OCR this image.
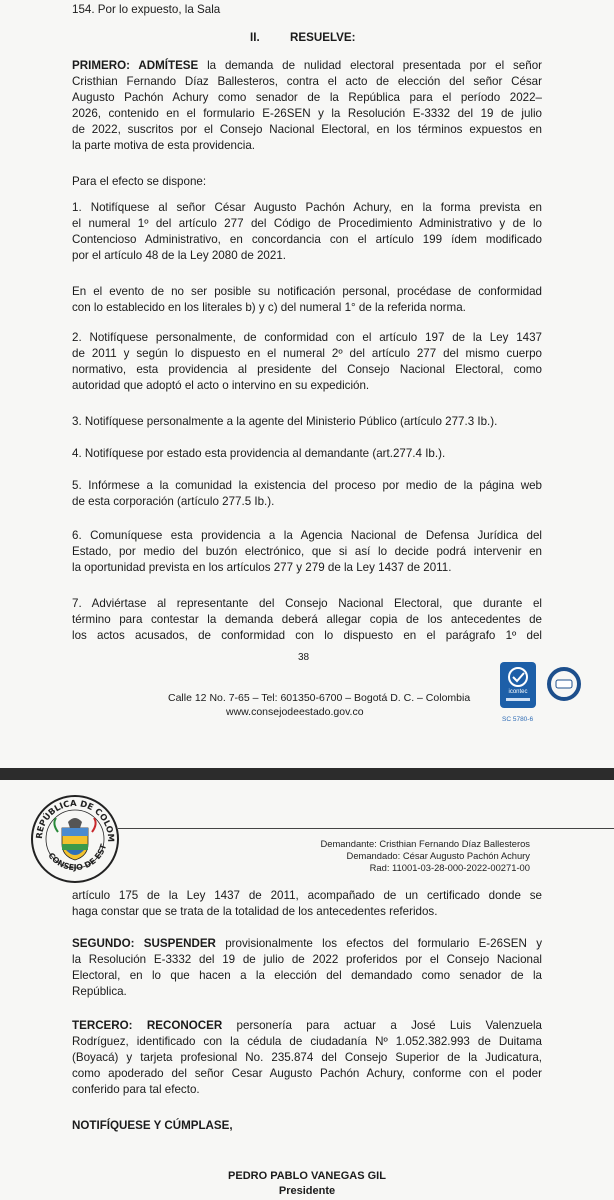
154. Por lo expuesto, la Sala
II.	RESUELVE:
PRIMERO: ADMÍTESE la demanda de nulidad electoral presentada por el señor
Cristhian Fernando Díaz Ballesteros, contra el acto de elección del señor César
Augusto Pachón Achury como senador de la República para el período 2022–
2026, contenido en el formulario E-26SEN y la Resolución E-3332 del 19 de julio
de 2022, suscritos por el Consejo Nacional Electoral, en los términos expuestos en
la parte motiva de esta providencia.
Para el efecto se dispone:
1. Notifíquese al señor César Augusto Pachón Achury, en la forma prevista en
el numeral 1º del artículo 277 del Código de Procedimiento Administrativo y de lo
Contencioso Administrativo, en concordancia con el artículo 199 ídem modificado
por el artículo 48 de la Ley 2080 de 2021.
En el evento de no ser posible su notificación personal, procédase de conformidad
con lo establecido en los literales b) y c) del numeral 1° de la referida norma.
2. Notifíquese personalmente, de conformidad con el artículo 197 de la Ley 1437
de 2011 y según lo dispuesto en el numeral 2º del artículo 277 del mismo cuerpo
normativo, esta providencia al presidente del Consejo Nacional Electoral, como
autoridad que adoptó el acto o intervino en su expedición.
3. Notifíquese personalmente a la agente del Ministerio Público (artículo 277.3 Ib.).
4. Notifíquese por estado esta providencia al demandante (art.277.4 Ib.).
5. Infórmese a la comunidad la existencia del proceso por medio de la página web
de esta corporación (artículo 277.5 Ib.).
6. Comuníquese esta providencia a la Agencia Nacional de Defensa Jurídica del
Estado, por medio del buzón electrónico, que si así lo decide podrá intervenir en
la oportunidad prevista en los artículos 277 y 279 de la Ley 1437 de 2011.
7. Adviértase al representante del Consejo Nacional Electoral, que durante el
término para contestar la demanda deberá allegar copia de los antecedentes de
los actos acusados, de conformidad con lo dispuesto en el parágrafo 1º del
38
Calle 12 No. 7-65 – Tel: 601350-6700 – Bogotá D. C. – Colombia
www.consejodeestado.gov.co
icontec
SC 5780-6
REPÚBLICA DE COLOM
CONSEJO DE EST	Demandante: Cristhian Fernando Díaz Ballesteros
Demandado: César Augusto Pachón Achury
Rad: 11001-03-28-000-2022-00271-00
artículo 175 de la Ley 1437 de 2011, acompañado de un certificado donde se
haga constar que se trata de la totalidad de los antecedentes referidos.
SEGUNDO: SUSPENDER provisionalmente los efectos del formulario E-26SEN y
la Resolución E-3332 del 19 de julio de 2022 proferidos por el Consejo Nacional
Electoral, en lo que hacen a la elección del demandado como senador de la
República.
TERCERO: RECONOCER personería para actuar a José Luis Valenzuela
Rodríguez, identificado con la cédula de ciudadanía Nº 1.052.382.993 de Duitama
(Boyacá) y tarjeta profesional No. 235.874 del Consejo Superior de la Judicatura,
como apoderado del señor Cesar Augusto Pachón Achury, conforme con el poder
conferido para tal efecto.
NOTIFÍQUESE Y CÚMPLASE,
PEDRO PABLO VANEGAS GIL
Presidente
